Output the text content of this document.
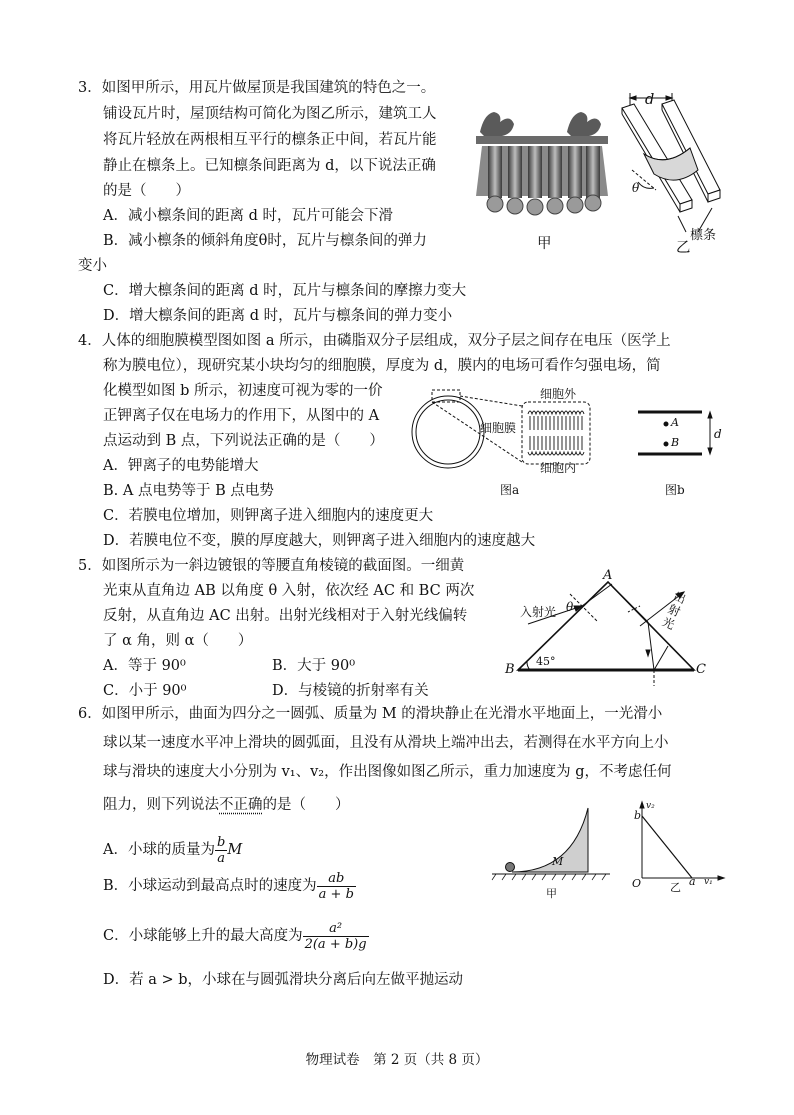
3．如图甲所示，用瓦片做屋顶是我国建筑的特色之一。
铺设瓦片时，屋顶结构可简化为图乙所示，建筑工人
将瓦片轻放在两根相互平行的檩条正中间，若瓦片能
静止在檩条上。已知檩条间距离为 d，以下说法正确
的是（　　）
A．减小檩条间的距离 d 时，瓦片可能会下滑
B．减小檩条的倾斜角度θ时，瓦片与檩条间的弹力
变小
C．增大檩条间的距离 d 时，瓦片与檩条间的摩擦力变大
D．增大檩条间的距离 d 时，瓦片与檩条间的弹力变小
甲
d
θ
檩条
乙
4．人体的细胞膜模型图如图 a 所示，由磷脂双分子层组成，双分子层之间存在电压（医学上
称为膜电位），现研究某小块均匀的细胞膜，厚度为 d，膜内的电场可看作匀强电场，简
化模型如图 b 所示，初速度可视为零的一价
正钾离子仅在电场力的作用下，从图中的 A
点运动到 B 点，下列说法正确的是（　　）
A．钾离子的电势能增大
B. A 点电势等于 B 点电势
C．若膜电位增加，则钾离子进入细胞内的速度更大
D．若膜电位不变，膜的厚度越大，则钾离子进入细胞内的速度越大
细胞外
细胞膜
细胞内
图a
A
B
d
图b
5．如图所示为一斜边镀银的等腰直角棱镜的截面图。一细黄
光束从直角边 AB 以角度 θ 入射，依次经 AC 和 BC 两次
反射，从直角边 AC 出射。出射光线相对于入射光线偏转
了 α 角，则 α（　　）
A．等于 90⁰	B．大于 90⁰
C．小于 90⁰	D．与棱镜的折射率有关
A
B	C
45°
入射光 θ
出射光
6．如图甲所示，曲面为四分之一圆弧、质量为 M 的滑块静止在光滑水平地面上，一光滑小
球以某一速度水平冲上滑块的圆弧面，且没有从滑块上端冲出去，若测得在水平方向上小
球与滑块的速度大小分别为 v₁、v₂，作出图像如图乙所示，重力加速度为 g，不考虑任何
阻力，则下列说法不正确的是（　　）
A．小球的质量为 $\frac{b}{a}$ M
B．小球运动到最高点时的速度为 $\frac{ab}{a + b}$
C．小球能够上升的最大高度为 $\frac{\text{a²}}{2(a + b)g}$
D．若 a > b，小球在与圆弧滑块分离后向左做平抛运动
M
甲
v₂
v₁
b
a
O	乙
物理试卷　第 2 页（共 8 页）
